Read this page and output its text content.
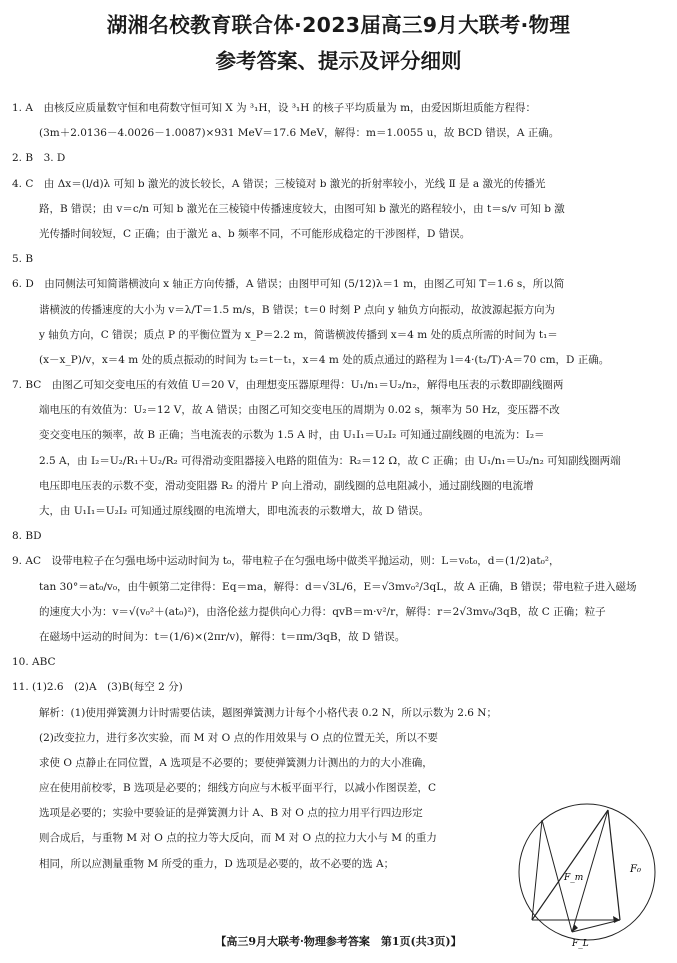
湖湘名校教育联合体·2023届高三9月大联考·物理
参考答案、提示及评分细则
1. A　由核反应质量数守恒和电荷数守恒可知 X 为 ³₁H，设 ³₁H 的核子平均质量为 m，由爱因斯坦质能方程得：
(3m＋2.0136－4.0026－1.0087)×931 MeV＝17.6 MeV，解得：m＝1.0055 u，故 BCD 错误，A 正确。
2. B　3. D
4. C　由 Δx＝(l/d)λ 可知 b 激光的波长较长，A 错误；三棱镜对 b 激光的折射率较小，光线 Ⅱ 是 a 激光的传播光
路，B 错误；由 v＝c/n 可知 b 激光在三棱镜中传播速度较大，由图可知 b 激光的路程较小，由 t＝s/v 可知 b 激
光传播时间较短，C 正确；由于激光 a、b 频率不同，不可能形成稳定的干涉图样，D 错误。
5. B
6. D　由同侧法可知简谐横波向 x 轴正方向传播，A 错误；由图甲可知 (5/12)λ＝1 m，由图乙可知 T＝1.6 s，所以简
谐横波的传播速度的大小为 v＝λ/T＝1.5 m/s，B 错误；t＝0 时刻 P 点向 y 轴负方向振动，故波源起振方向为
y 轴负方向，C 错误；质点 P 的平衡位置为 x_P＝2.2 m，简谐横波传播到 x＝4 m 处的质点所需的时间为 t₁＝
(x－x_P)/v，x＝4 m 处的质点振动的时间为 t₂＝t－t₁，x＝4 m 处的质点通过的路程为 l＝4·(t₂/T)·A＝70 cm，D 正确。
7. BC　由图乙可知交变电压的有效值 U＝20 V，由理想变压器原理得：U₁/n₁＝U₂/n₂，解得电压表的示数即副线圈两
端电压的有效值为：U₂＝12 V，故 A 错误；由图乙可知交变电压的周期为 0.02 s，频率为 50 Hz，变压器不改
变交变电压的频率，故 B 正确；当电流表的示数为 1.5 A 时，由 U₁I₁＝U₂I₂ 可知通过副线圈的电流为：I₂＝
2.5 A，由 I₂＝U₂/R₁＋U₂/R₂ 可得滑动变阻器接入电路的阻值为：R₂＝12 Ω，故 C 正确；由 U₁/n₁＝U₂/n₂ 可知副线圈两端
电压即电压表的示数不变，滑动变阻器 R₂ 的滑片 P 向上滑动，副线圈的总电阻减小，通过副线圈的电流增
大，由 U₁I₁＝U₂I₂ 可知通过原线圈的电流增大，即电流表的示数增大，故 D 错误。
8. BD
9. AC　设带电粒子在匀强电场中运动时间为 t₀，带电粒子在匀强电场中做类平抛运动，则：L＝v₀t₀，d＝(1/2)at₀²，
tan 30°＝at₀/v₀，由牛顿第二定律得：Eq＝ma，解得：d＝√3L/6，E＝√3mv₀²/3qL，故 A 正确，B 错误；带电粒子进入磁场
的速度大小为：v＝√(v₀²＋(at₀)²)，由洛伦兹力提供向心力得：qvB＝m·v²/r，解得：r＝2√3mv₀/3qB，故 C 正确；粒子
在磁场中运动的时间为：t＝(1/6)×(2πr/v)，解得：t＝πm/3qB，故 D 错误。
10. ABC
11. (1)2.6　(2)A　(3)B(每空 2 分)
解析：(1)使用弹簧测力计时需要估读，题图弹簧测力计每个小格代表 0.2 N，所以示数为 2.6 N；
(2)改变拉力，进行多次实验，而 M 对 O 点的作用效果与 O 点的位置无关，所以不要
求使 O 点静止在同位置，A 选项是不必要的；要使弹簧测力计测出的力的大小准确，
应在使用前校零，B 选项是必要的；细线方向应与木板平面平行，以减小作图误差，C
选项是必要的；实验中要验证的是弹簧测力计 A、B 对 O 点的拉力用平行四边形定
则合成后，与重物 M 对 O 点的拉力等大反向，而 M 对 O 点的拉力大小与 M 的重力
相同，所以应测量重物 M 所受的重力，D 选项是必要的，故不必要的选 A；	F₀
F_m
F_L
【高三9月大联考·物理参考答案　第1页(共3页)】
